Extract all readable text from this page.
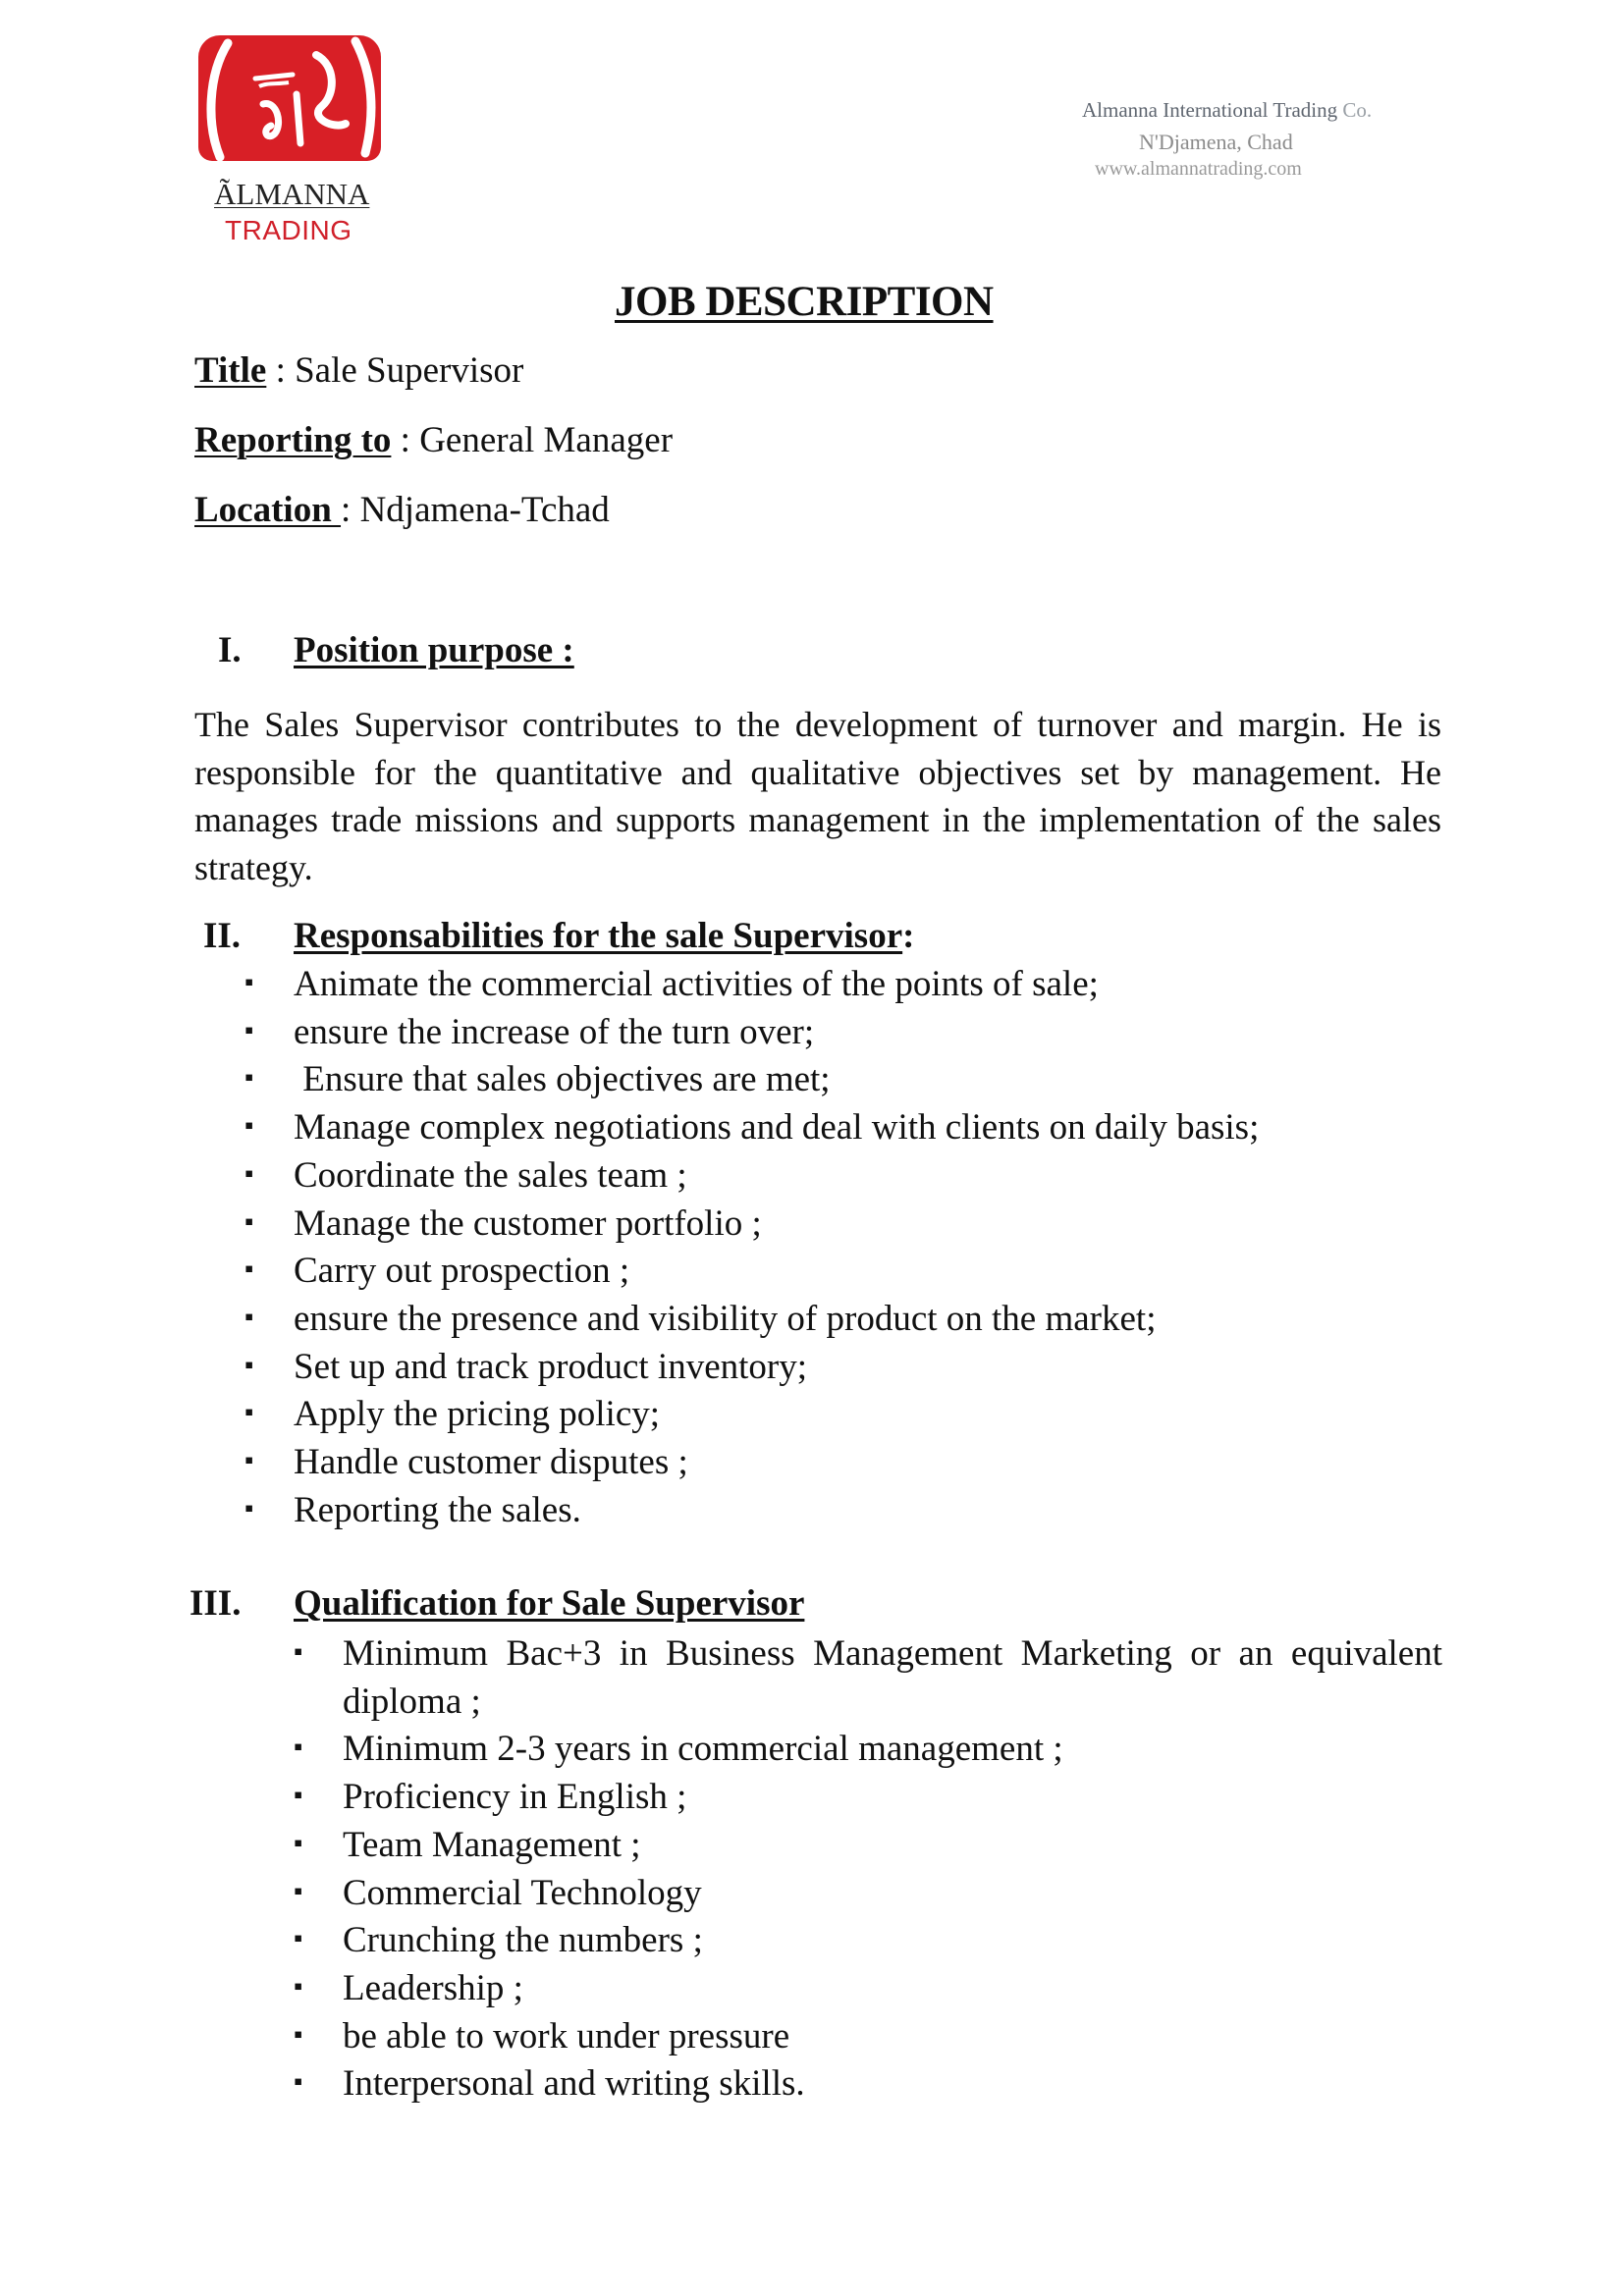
ÃLMANNA
TRADING
Almanna International Trading Co.
N'Djamena, Chad
www.almannatrading.com
JOB DESCRIPTION
Title : Sale Supervisor
Reporting to : General Manager
Location : Ndjamena-Tchad
I. Position purpose :
The Sales Supervisor contributes to the development of turnover and margin. He is responsible for the quantitative and qualitative objectives set by management. He manages trade missions and supports management in the implementation of the sales strategy.
II. Responsabilities for the sale Supervisor:
▪ Animate the commercial activities of the points of sale;
▪ ensure the increase of the turn over;
▪ Ensure that sales objectives are met;
▪ Manage complex negotiations and deal with clients on daily basis;
▪ Coordinate the sales team ;
▪ Manage the customer portfolio ;
▪ Carry out prospection ;
▪ ensure the presence and visibility of product on the market;
▪ Set up and track product inventory;
▪ Apply the pricing policy;
▪ Handle customer disputes ;
▪ Reporting the sales.
III. Qualification for Sale Supervisor
▪ Minimum Bac+3 in Business Management Marketing or an equivalent diploma ;
▪ Minimum 2-3 years in commercial management ;
▪ Proficiency in English ;
▪ Team Management ;
▪ Commercial Technology
▪ Crunching the numbers ;
▪ Leadership ;
▪ be able to work under pressure
▪ Interpersonal and writing skills.
